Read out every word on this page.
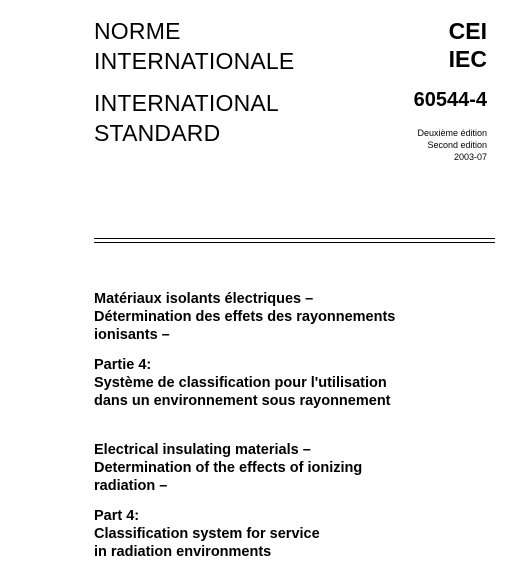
NORME
INTERNATIONALE
INTERNATIONAL
STANDARD
CEI
IEC
60544-4
Deuxième édition
Second edition
2003-07
Matériaux isolants électriques –
Détermination des effets des rayonnements
ionisants –
Partie 4:
Système de classification pour l'utilisation
dans un environnement sous rayonnement
Electrical insulating materials –
Determination of the effects of ionizing
radiation –
Part 4:
Classification system for service
in radiation environments
